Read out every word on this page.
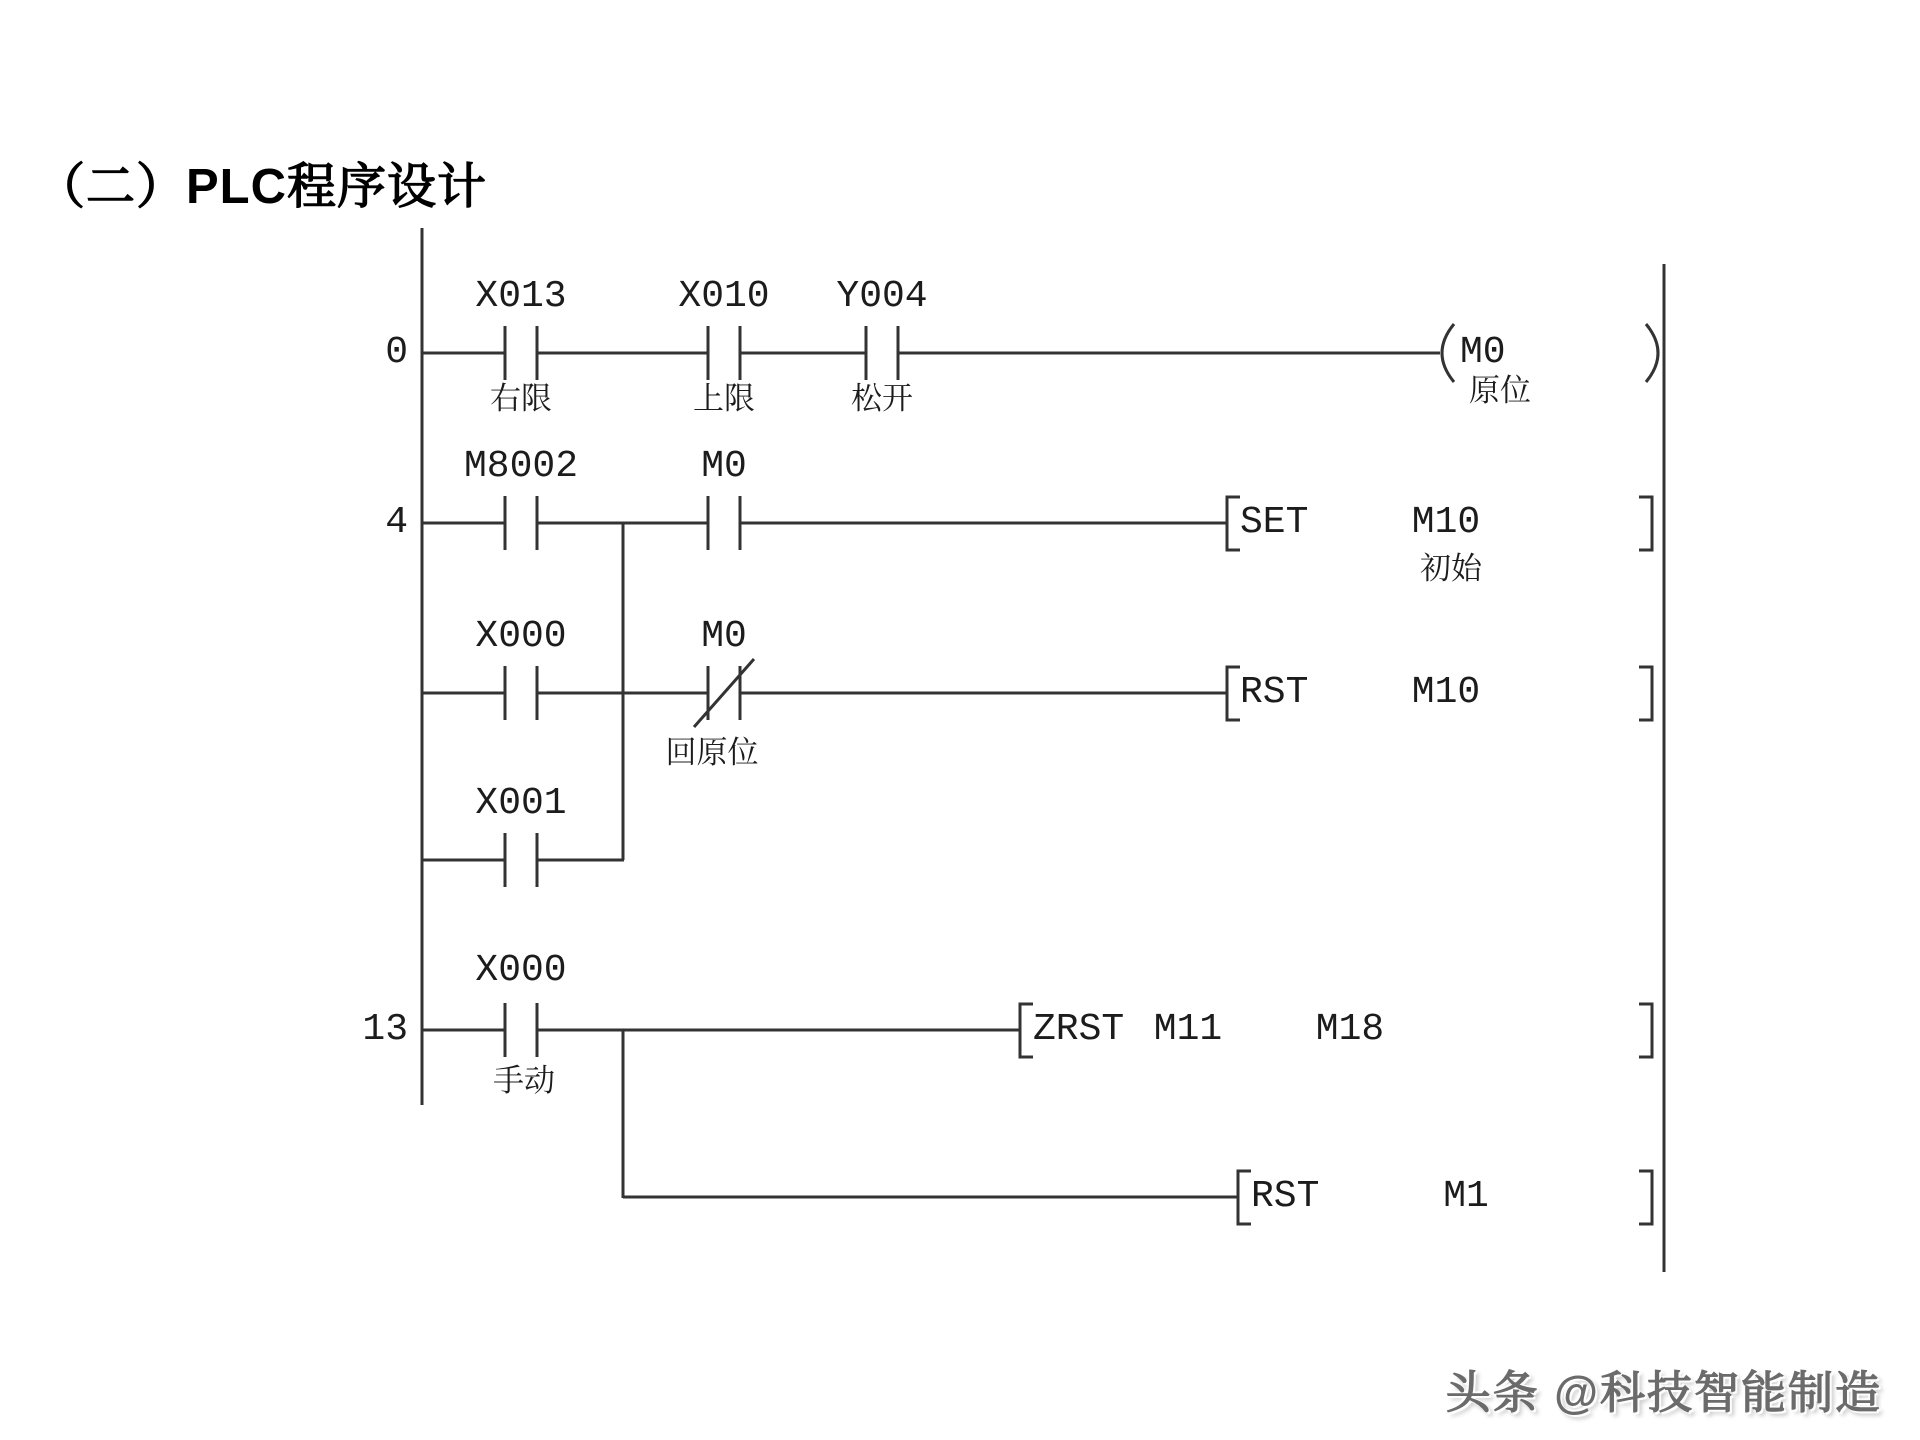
（二）PLC程序设计
0
X013	X010	Y004
右限	上限	松开
M0
原位
4
M8002	M0
SET	M10
初始
X000	M0
回原位
RST	M10
X001
13
X000
手动
ZRST M11	M18
RST	M1
头条 @科技智能制造
